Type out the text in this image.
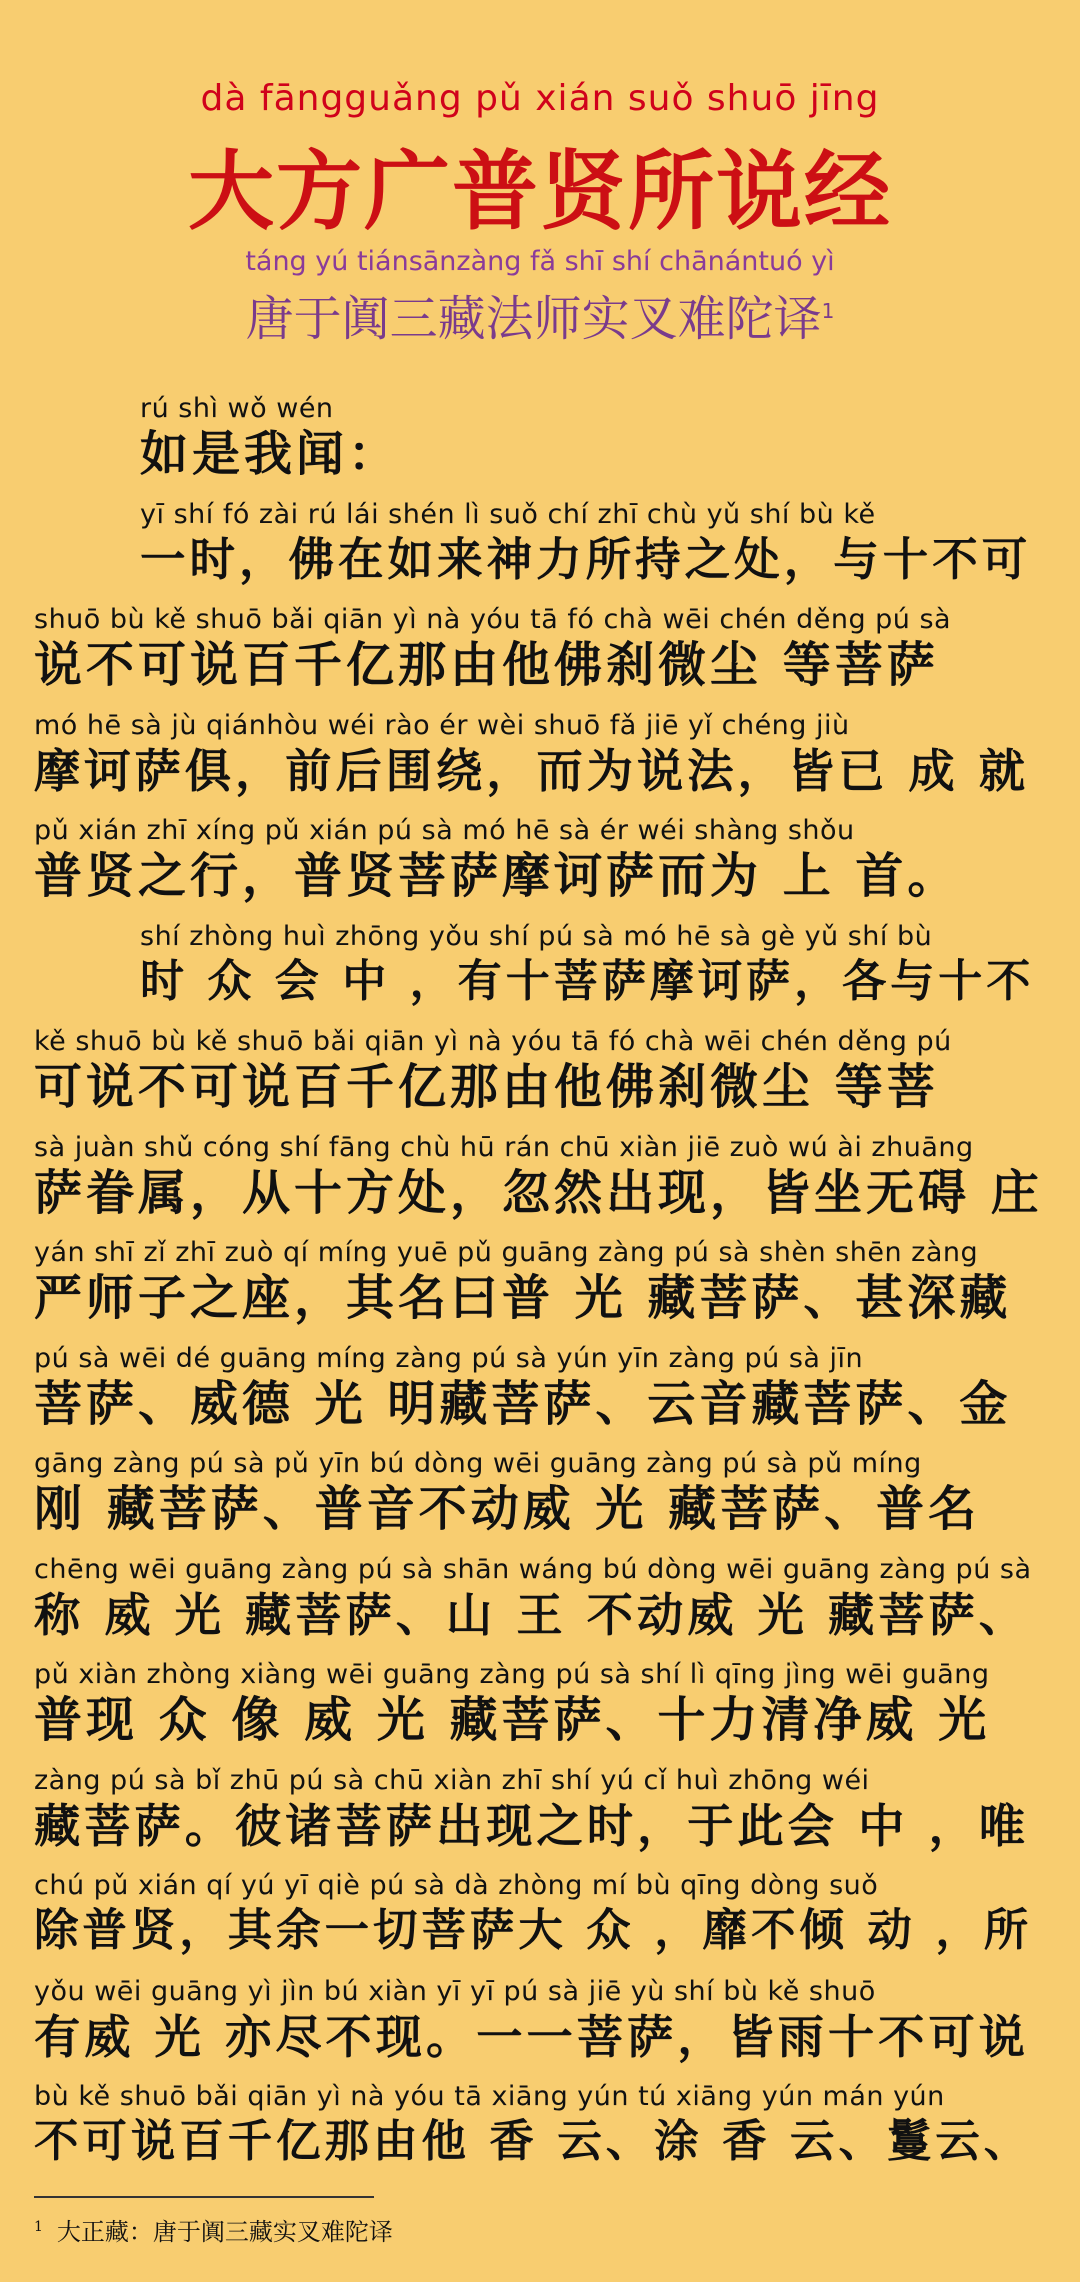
dà fāngguǎng pǔ xián suǒ shuō jīng
大方广普贤所说经
táng yú tiánsānzàng fǎ shī shí chānántuó yì
唐于阗三藏法师实叉难陀译$^1$
rú shì wǒ wén
如是我闻：
yī shí fó zài rú lái shén lì suǒ chí zhī chù yǔ shí bù kě
一时，佛在如来神力所持之处，与十不可
shuō bù kě shuō bǎi qiān yì nà yóu tā fó chà wēi chén děng pú sà
说不可说百千亿那由他佛刹微尘 等菩萨
mó hē sà jù qiánhòu wéi rào ér wèi shuō fǎ jiē yǐ chéng jiù
摩诃萨俱，前后围绕，而为说法，皆已 成 就
pǔ xián zhī xíng pǔ xián pú sà mó hē sà ér wéi shàng shǒu
普贤之行，普贤菩萨摩诃萨而为 上 首。
shí zhòng huì zhōng yǒu shí pú sà mó hē sà gè yǔ shí bù
时 众 会 中 ，有十菩萨摩诃萨，各与十不
kě shuō bù kě shuō bǎi qiān yì nà yóu tā fó chà wēi chén děng pú
可说不可说百千亿那由他佛刹微尘 等菩
sà juàn shǔ cóng shí fāng chù hū rán chū xiàn jiē zuò wú ài zhuāng
萨眷属，从十方处，忽然出现，皆坐无碍 庄
yán shī zǐ zhī zuò qí míng yuē pǔ guāng zàng pú sà shèn shēn zàng
严师子之座，其名曰普 光 藏菩萨、甚深藏
pú sà wēi dé guāng míng zàng pú sà yún yīn zàng pú sà jīn
菩萨、威德 光 明藏菩萨、云音藏菩萨、金
gāng zàng pú sà pǔ yīn bú dòng wēi guāng zàng pú sà pǔ míng
刚 藏菩萨、普音不动威 光 藏菩萨、普名
chēng wēi guāng zàng pú sà shān wáng bú dòng wēi guāng zàng pú sà
称 威 光 藏菩萨、山 王 不动威 光 藏菩萨、
pǔ xiàn zhòng xiàng wēi guāng zàng pú sà shí lì qīng jìng wēi guāng
普现 众 像 威 光 藏菩萨、十力清净威 光
zàng pú sà bǐ zhū pú sà chū xiàn zhī shí yú cǐ huì zhōng wéi
藏菩萨。彼诸菩萨出现之时，于此会 中 ，唯
chú pǔ xián qí yú yī qiè pú sà dà zhòng mí bù qīng dòng suǒ
除普贤，其余一切菩萨大 众 ，靡不倾 动 ，所
yǒu wēi guāng yì jìn bú xiàn yī yī pú sà jiē yù shí bù kě shuō
有威 光 亦尽不现。一一菩萨，皆雨十不可说
bù kě shuō bǎi qiān yì nà yóu tā xiāng yún tú xiāng yún mán yún
不可说百千亿那由他 香 云、涂 香 云、鬘云、
$^1$ 大正藏：唐于阗三藏实叉难陀译
